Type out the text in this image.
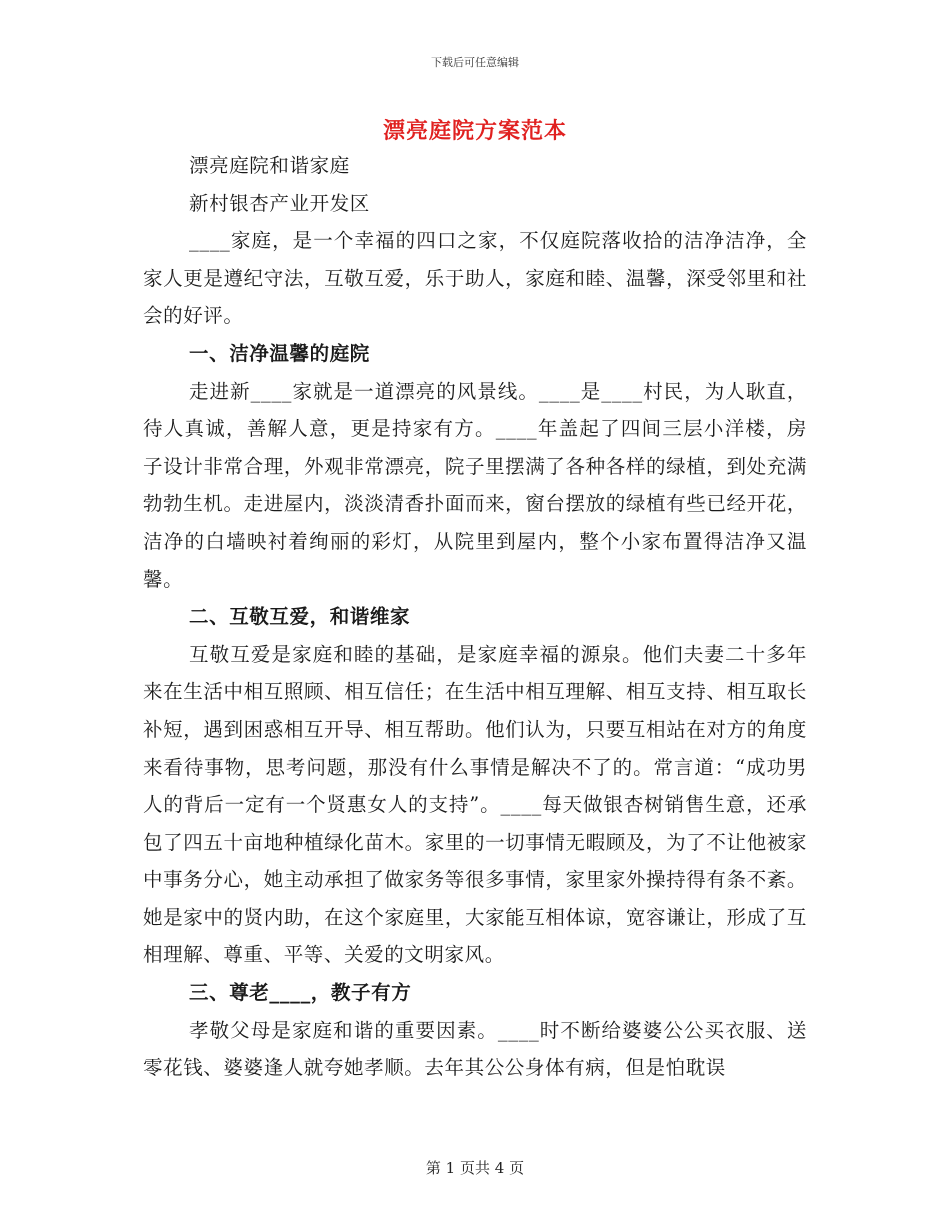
下载后可任意编辑
漂亮庭院方案范本

漂亮庭院和谐家庭

新村银杏产业开发区

____家庭，是一个幸福的四口之家，不仅庭院落收拾的洁净洁净，全家人更是遵纪守法，互敬互爱，乐于助人，家庭和睦、温馨，深受邻里和社会的好评。

一、洁净温馨的庭院

走进新____家就是一道漂亮的风景线。____是____村民，为人耿直，待人真诚，善解人意，更是持家有方。____年盖起了四间三层小洋楼，房子设计非常合理，外观非常漂亮，院子里摆满了各种各样的绿植，到处充满勃勃生机。走进屋内，淡淡清香扑面而来，窗台摆放的绿植有些已经开花，洁净的白墙映衬着绚丽的彩灯，从院里到屋内，整个小家布置得洁净又温馨。

二、互敬互爱，和谐维家

互敬互爱是家庭和睦的基础，是家庭幸福的源泉。他们夫妻二十多年来在生活中相互照顾、相互信任；在生活中相互理解、相互支持、相互取长补短，遇到困惑相互开导、相互帮助。他们认为，只要互相站在对方的角度来看待事物，思考问题，那没有什么事情是解决不了的。常言道：“成功男人的背后一定有一个贤惠女人的支持”。____每天做银杏树销售生意，还承包了四五十亩地种植绿化苗木。家里的一切事情无暇顾及，为了不让他被家中事务分心，她主动承担了做家务等很多事情，家里家外操持得有条不紊。她是家中的贤内助，在这个家庭里，大家能互相体谅，宽容谦让，形成了互相理解、尊重、平等、关爱的文明家风。

三、尊老____，教子有方

孝敬父母是家庭和谐的重要因素。____时不断给婆婆公公买衣服、送零花钱、婆婆逢人就夸她孝顺。去年其公公身体有病，但是怕耽误

第 1 页共 4 页
